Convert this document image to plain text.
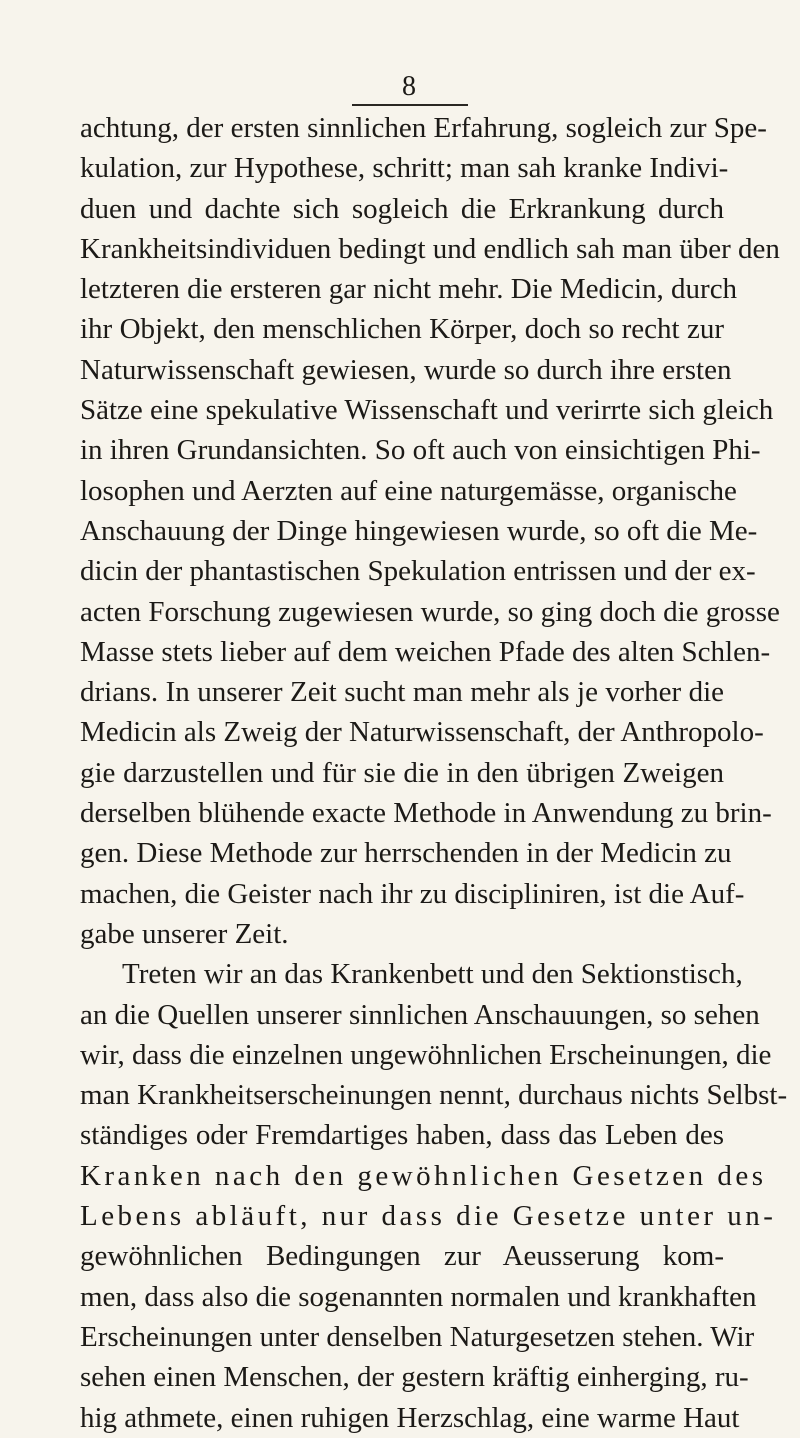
8
achtung, der ersten sinnlichen Erfahrung, sogleich zur Spe-
kulation, zur Hypothese, schritt; man sah kranke Indivi-
duen und dachte sich sogleich die Erkrankung durch
Krankheitsindividuen bedingt und endlich sah man über den
letzteren die ersteren gar nicht mehr. Die Medicin, durch
ihr Objekt, den menschlichen Körper, doch so recht zur
Naturwissenschaft gewiesen, wurde so durch ihre ersten
Sätze eine spekulative Wissenschaft und verirrte sich gleich
in ihren Grundansichten. So oft auch von einsichtigen Phi-
losophen und Aerzten auf eine naturgemässe, organische
Anschauung der Dinge hingewiesen wurde, so oft die Me-
dicin der phantastischen Spekulation entrissen und der ex-
acten Forschung zugewiesen wurde, so ging doch die grosse
Masse stets lieber auf dem weichen Pfade des alten Schlen-
drians. In unserer Zeit sucht man mehr als je vorher die
Medicin als Zweig der Naturwissenschaft, der Anthropolo-
gie darzustellen und für sie die in den übrigen Zweigen
derselben blühende exacte Methode in Anwendung zu brin-
gen. Diese Methode zur herrschenden in der Medicin zu
machen, die Geister nach ihr zu discipliniren, ist die Auf-
gabe unserer Zeit.
Treten wir an das Krankenbett und den Sektionstisch,
an die Quellen unserer sinnlichen Anschauungen, so sehen
wir, dass die einzelnen ungewöhnlichen Erscheinungen, die
man Krankheitserscheinungen nennt, durchaus nichts Selbst-
ständiges oder Fremdartiges haben, dass das Leben des
Kranken nach den gewöhnlichen Gesetzen des
Lebens abläuft, nur dass die Gesetze unter un-
gewöhnlichen Bedingungen zur Aeusserung kom-
men, dass also die sogenannten normalen und krankhaften
Erscheinungen unter denselben Naturgesetzen stehen. Wir
sehen einen Menschen, der gestern kräftig einherging, ru-
hig athmete, einen ruhigen Herzschlag, eine warme Haut
